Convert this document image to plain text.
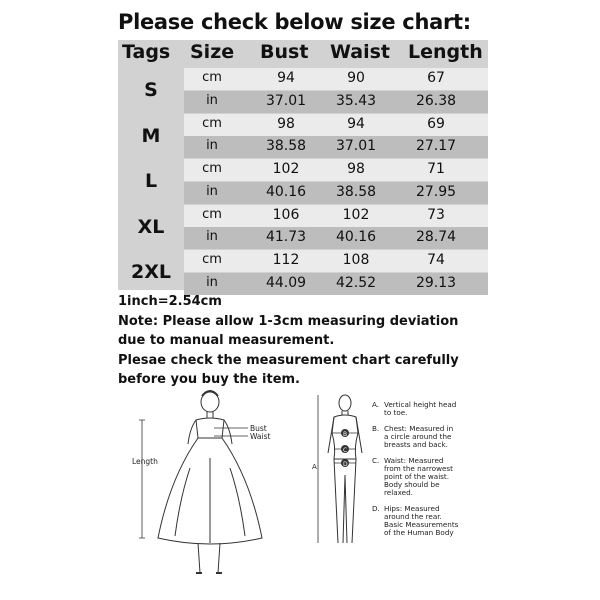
Please check below size chart:
Tags Size Bust Waist Length
S
cm	94	90	67
in	37.01	35.43	26.38
M
cm	98	94	69
in	38.58	37.01	27.17
L
cm	102	98	71
in	40.16	38.58	27.95
XL
cm	106	102	73
in	41.73	40.16	28.74
2XL
cm	112	108	74
in	44.09	42.52	29.13
1inch=2.54cm
Note: Please allow 1-3cm measuring deviation
due to manual measurement.
Plesae check the measurement chart carefully
before you buy the item.
Bust
Waist
Length
B
C
D
A
A. Vertical height head
to toe.
B. Chest: Measured in
a circle around the
breasts and back.
C. Waist: Measured
from the narrowest
point of the waist.
Body should be
relaxed.
D. Hips: Measured
around the rear.
Basic Measurements
of the Human Body
